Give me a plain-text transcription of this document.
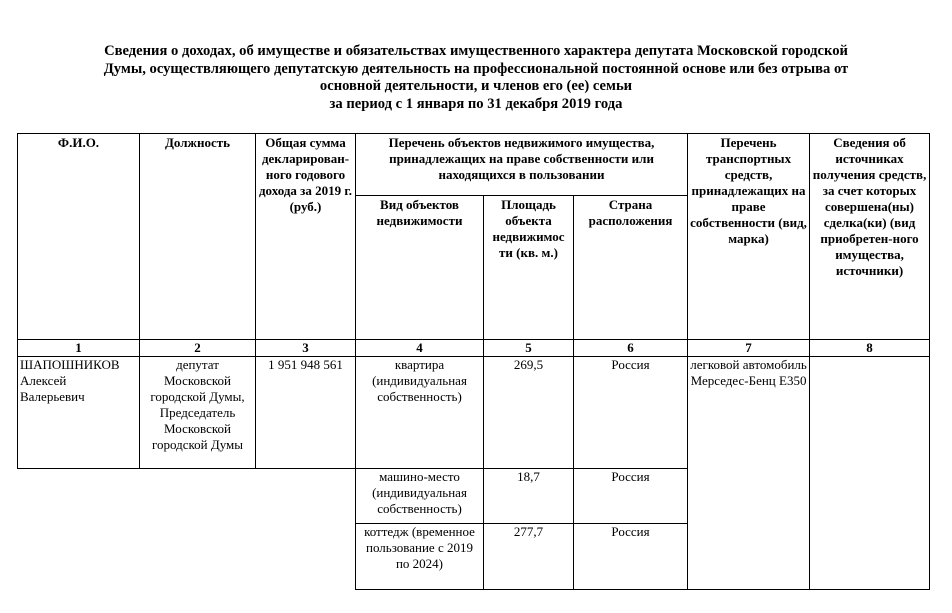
Сведения о доходах, об имуществе и обязательствах имущественного характера депутата Московской городской
Думы, осуществляющего депутатскую деятельность на профессиональной постоянной основе или без отрыва от
основной деятельности, и членов его (ее) семьи
за период с 1 января по 31 декабря 2019 года
Ф.И.О.	Должность	Общая сумма декларирован-ного годового дохода за 2019 г. (руб.)	Перечень объектов недвижимого имущества, принадлежащих на праве собственности или находящихся в пользовании			Перечень транспортных средств, принадлежащих на праве собственности (вид, марка)	Сведения об источниках получения средств, за счет которых совершена(ны) сделка(ки) (вид приобретен-ного имущества, источники)
			Вид объектов недвижимости	Площадь объекта недвижимос ти (кв. м.)	Страна расположения		
1	2	3	4	5	6	7	8

ШАПОШНИКОВ
Алексей
Валерьевич	депутат Московской городской Думы, Председатель Московской городской Думы	1 951 948 561	квартира (индивидуальная собственность)	269,5	Россия	легковой автомобиль Мерседес-Бенц E350	
			машино-место (индивидуальная собственность)	18,7	Россия		
			коттедж (временное пользование с 2019 по 2024)	277,7	Россия		
